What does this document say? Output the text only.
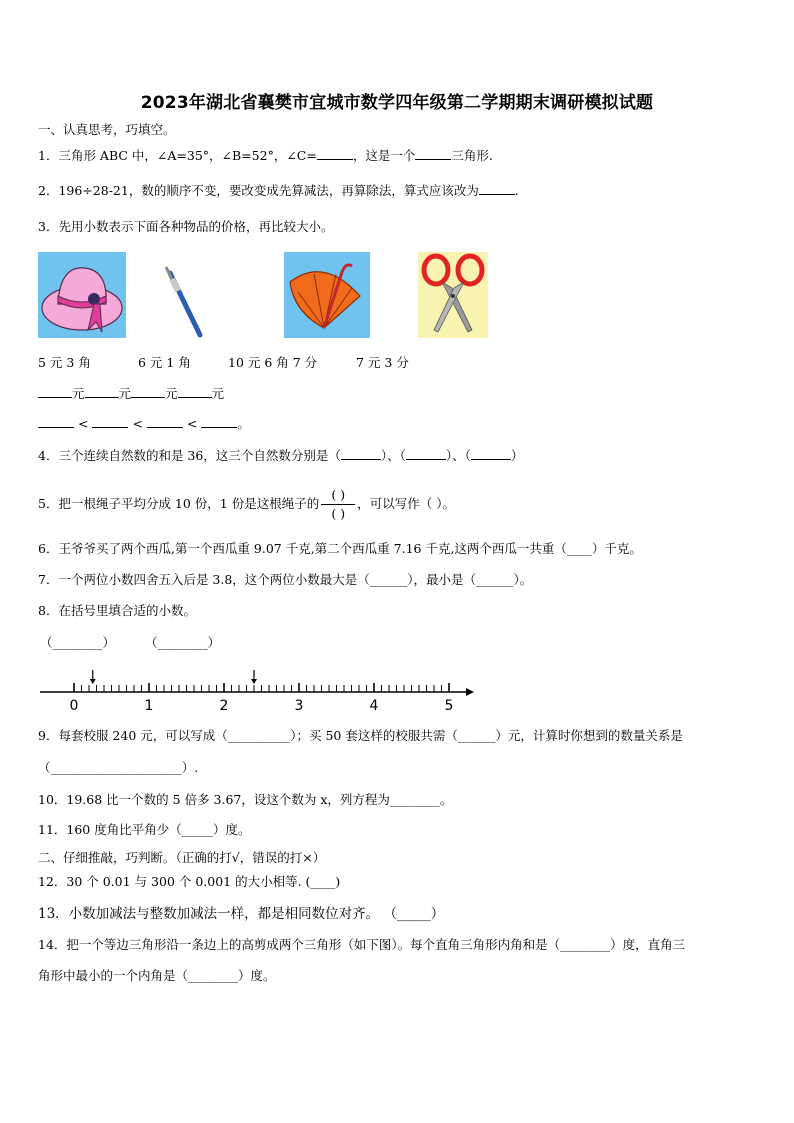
2023年湖北省襄樊市宜城市数学四年级第二学期期末调研模拟试题
一、认真思考，巧填空。
1．三角形 ABC 中，∠A=35°，∠B=52°，∠C=	，这是一个	三角形.
2．196÷28-21，数的顺序不变，要改变成先算减法，再算除法，算式应该改为	.
3．先用小数表示下面各种物品的价格，再比较大小。
5 元 3 角	6 元 1 角	10 元 6 角 7 分	7 元 3 分
元	元	元	元
<	<	<	。
4．三个连续自然数的和是 36，这三个自然数分别是（	）、（	）、（	）
5．把一根绳子平均分成 10 份，1 份是这根绳子的 $\frac{( )}{( )}$ ，可以写作（ ）。
6．王爷爷买了两个西瓜,第一个西瓜重 9.07 千克,第二个西瓜重 7.16 千克,这两个西瓜一共重（____）千克。
7．一个两位小数四舍五入后是 3.8，这个两位小数最大是（______），最小是（______）。
8．在括号里填合适的小数。
（________） （________）
0	1	2	3	4	5
9．每套校服 240 元，可以写成（__________）；买 50 套这样的校服共需（______）元，计算时你想到的数量关系是
（_____________________）.
10．19.68 比一个数的 5 倍多 3.67，设这个数为 x，列方程为________。
11．160 度角比平角少（_____）度。
二、仔细推敲，巧判断。（正确的打√，错误的打×）
12．30 个 0.01 与 300 个 0.001 的大小相等. (____)
13．小数加减法与整数加减法一样，都是相同数位对齐。 （_____）
14．把一个等边三角形沿一条边上的高剪成两个三角形（如下图）。每个直角三角形内角和是（________）度，直角三
角形中最小的一个内角是（________）度。
